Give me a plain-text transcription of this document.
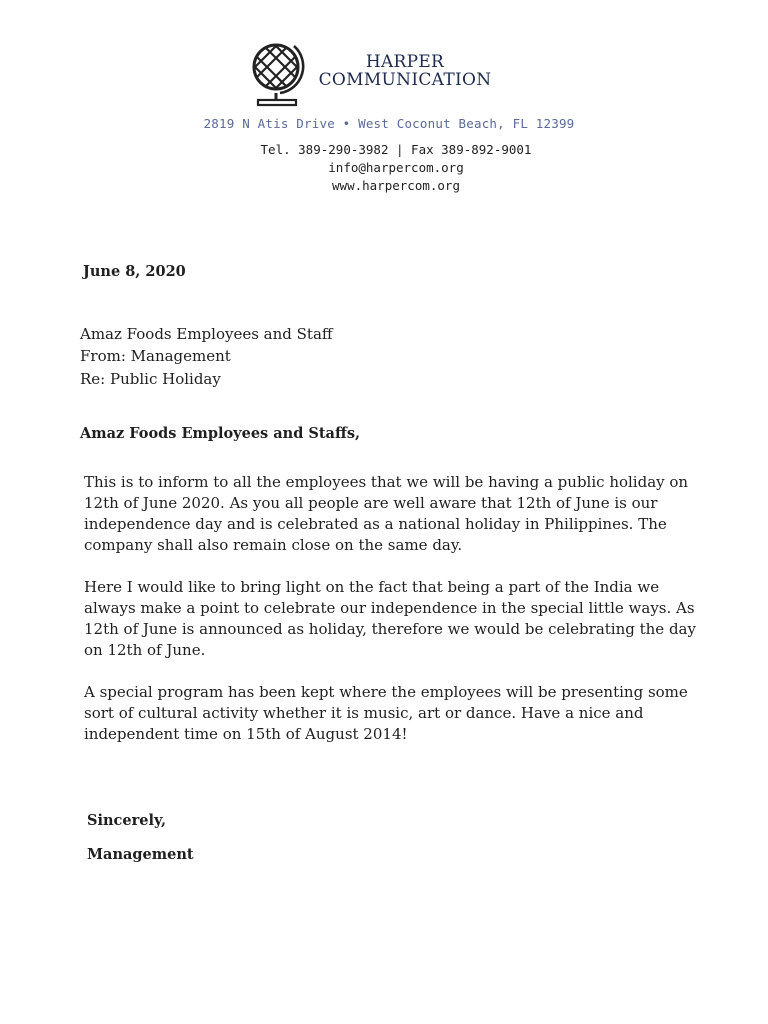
HARPER
COMMUNICATION
2819 N Atis Drive • West Coconut Beach, FL 12399
Tel. 389-290-3982 | Fax 389-892-9001
info@harpercom.org
www.harpercom.org
June 8, 2020
Amaz Foods Employees and Staff
From: Management
Re: Public Holiday
Amaz Foods Employees and Staffs,

This is to inform to all the employees that we will be having a public holiday on 12th of June 2020. As you all people are well aware that 12th of June is our independence day and is celebrated as a national holiday in Philippines. The company shall also remain close on the same day.

Here I would like to bring light on the fact that being a part of the India we always make a point to celebrate our independence in the special little ways. As 12th of June is announced as holiday, therefore we would be celebrating the day on 12th of June.

A special program has been kept where the employees will be presenting some sort of cultural activity whether it is music, art or dance. Have a nice and independent time on 15th of August 2014!

Sincerely,
Management
